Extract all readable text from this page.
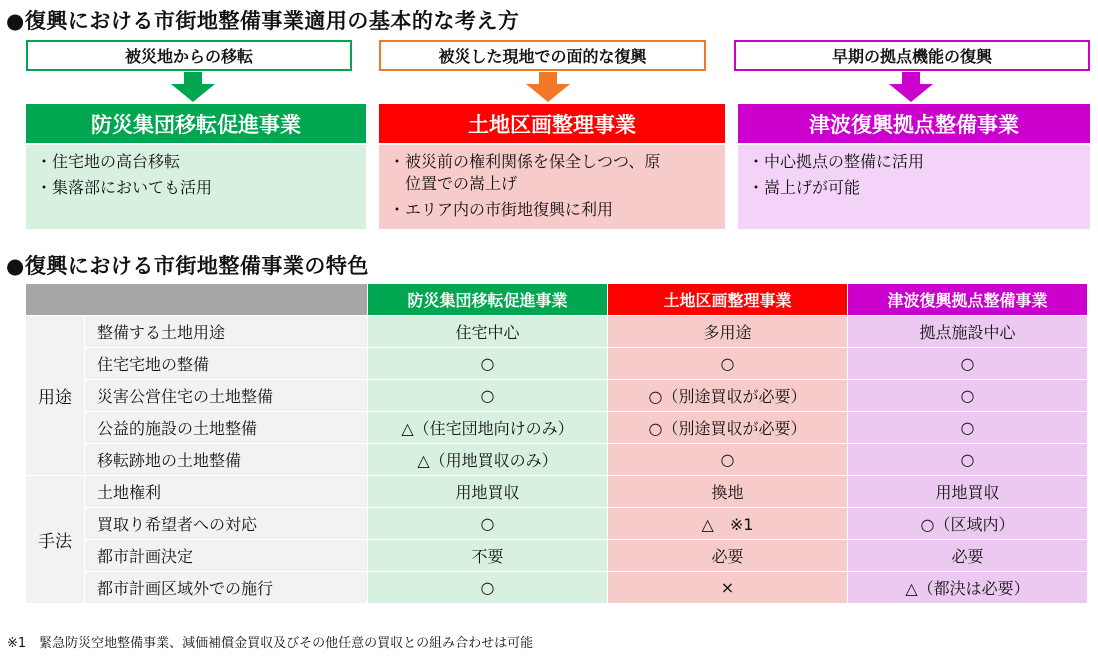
●復興における市街地整備事業適用の基本的な考え方
被災地からの移転	被災した現地での面的な復興	早期の拠点機能の復興
防災集団移転促進事業	土地区画整理事業	津波復興拠点整備事業
・住宅地の高台移転
・集落部においても活用
・被災前の権利関係を保全しつつ、原
位置での嵩上げ
・エリア内の市街地復興に利用
・中心拠点の整備に活用
・嵩上げが可能
●復興における市街地整備事業の特色
		防災集団移転促進事業	土地区画整理事業	津波復興拠点整備事業
用途	整備する土地用途	住宅中心	多用途	拠点施設中心
	住宅宅地の整備	○	○	○
	災害公営住宅の土地整備	○	○（別途買収が必要）	○
	公益的施設の土地整備	△（住宅団地向けのみ）	○（別途買収が必要）	○
	移転跡地の土地整備	△（用地買収のみ）	○	○
手法	土地権利	用地買収	換地	用地買収
	買取り希望者への対応	○	△　※1	○（区域内）
	都市計画決定	不要	必要	必要
	都市計画区域外での施行	○	×	△（都決は必要）
※1　緊急防災空地整備事業、減価補償金買収及びその他任意の買収との組み合わせは可能
